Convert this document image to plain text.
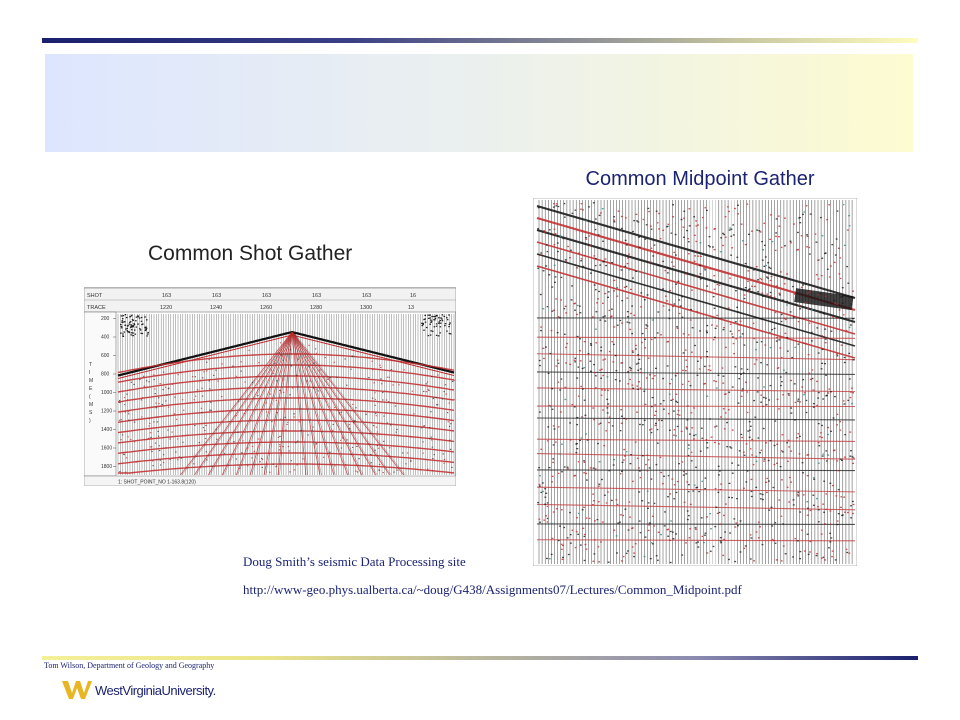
Common Midpoint Gather
Common Shot Gather
SHOT
TRACE
163	163	163	163	163	16
1220	1240	1260	1280	1300	13
200
400
600
800
1000
1200
1400
1600
1800
T
I
M
E
(
M
S
)
1: SHOT_POINT_NO 1-163.8(120)
Doug Smith’s seismic Data Processing site
http://www-geo.phys.ualberta.ca/~doug/G438/Assignments07/Lectures/Common_Midpoint.pdf
Tom Wilson, Department of Geology and Geography
WestVirginiaUniversity.
